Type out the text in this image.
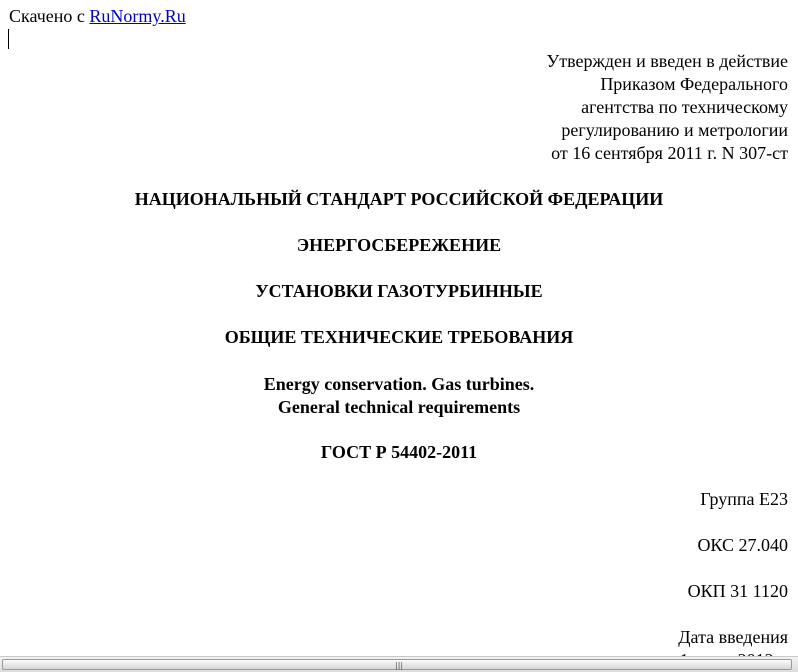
Скачено с RuNormy.Ru
Утвержден и введен в действие
Приказом Федерального
агентства по техническому
регулированию и метрологии
от 16 сентября 2011 г. N 307-ст
НАЦИОНАЛЬНЫЙ СТАНДАРТ РОССИЙСКОЙ ФЕДЕРАЦИИ
ЭНЕРГОСБЕРЕЖЕНИЕ
УСТАНОВКИ ГАЗОТУРБИННЫЕ
ОБЩИЕ ТЕХНИЧЕСКИЕ ТРЕБОВАНИЯ
Energy conservation. Gas turbines.
General technical requirements
ГОСТ Р 54402-2011
Группа Е23
ОКС 27.040
ОКП 31 1120
Дата введения
|||
